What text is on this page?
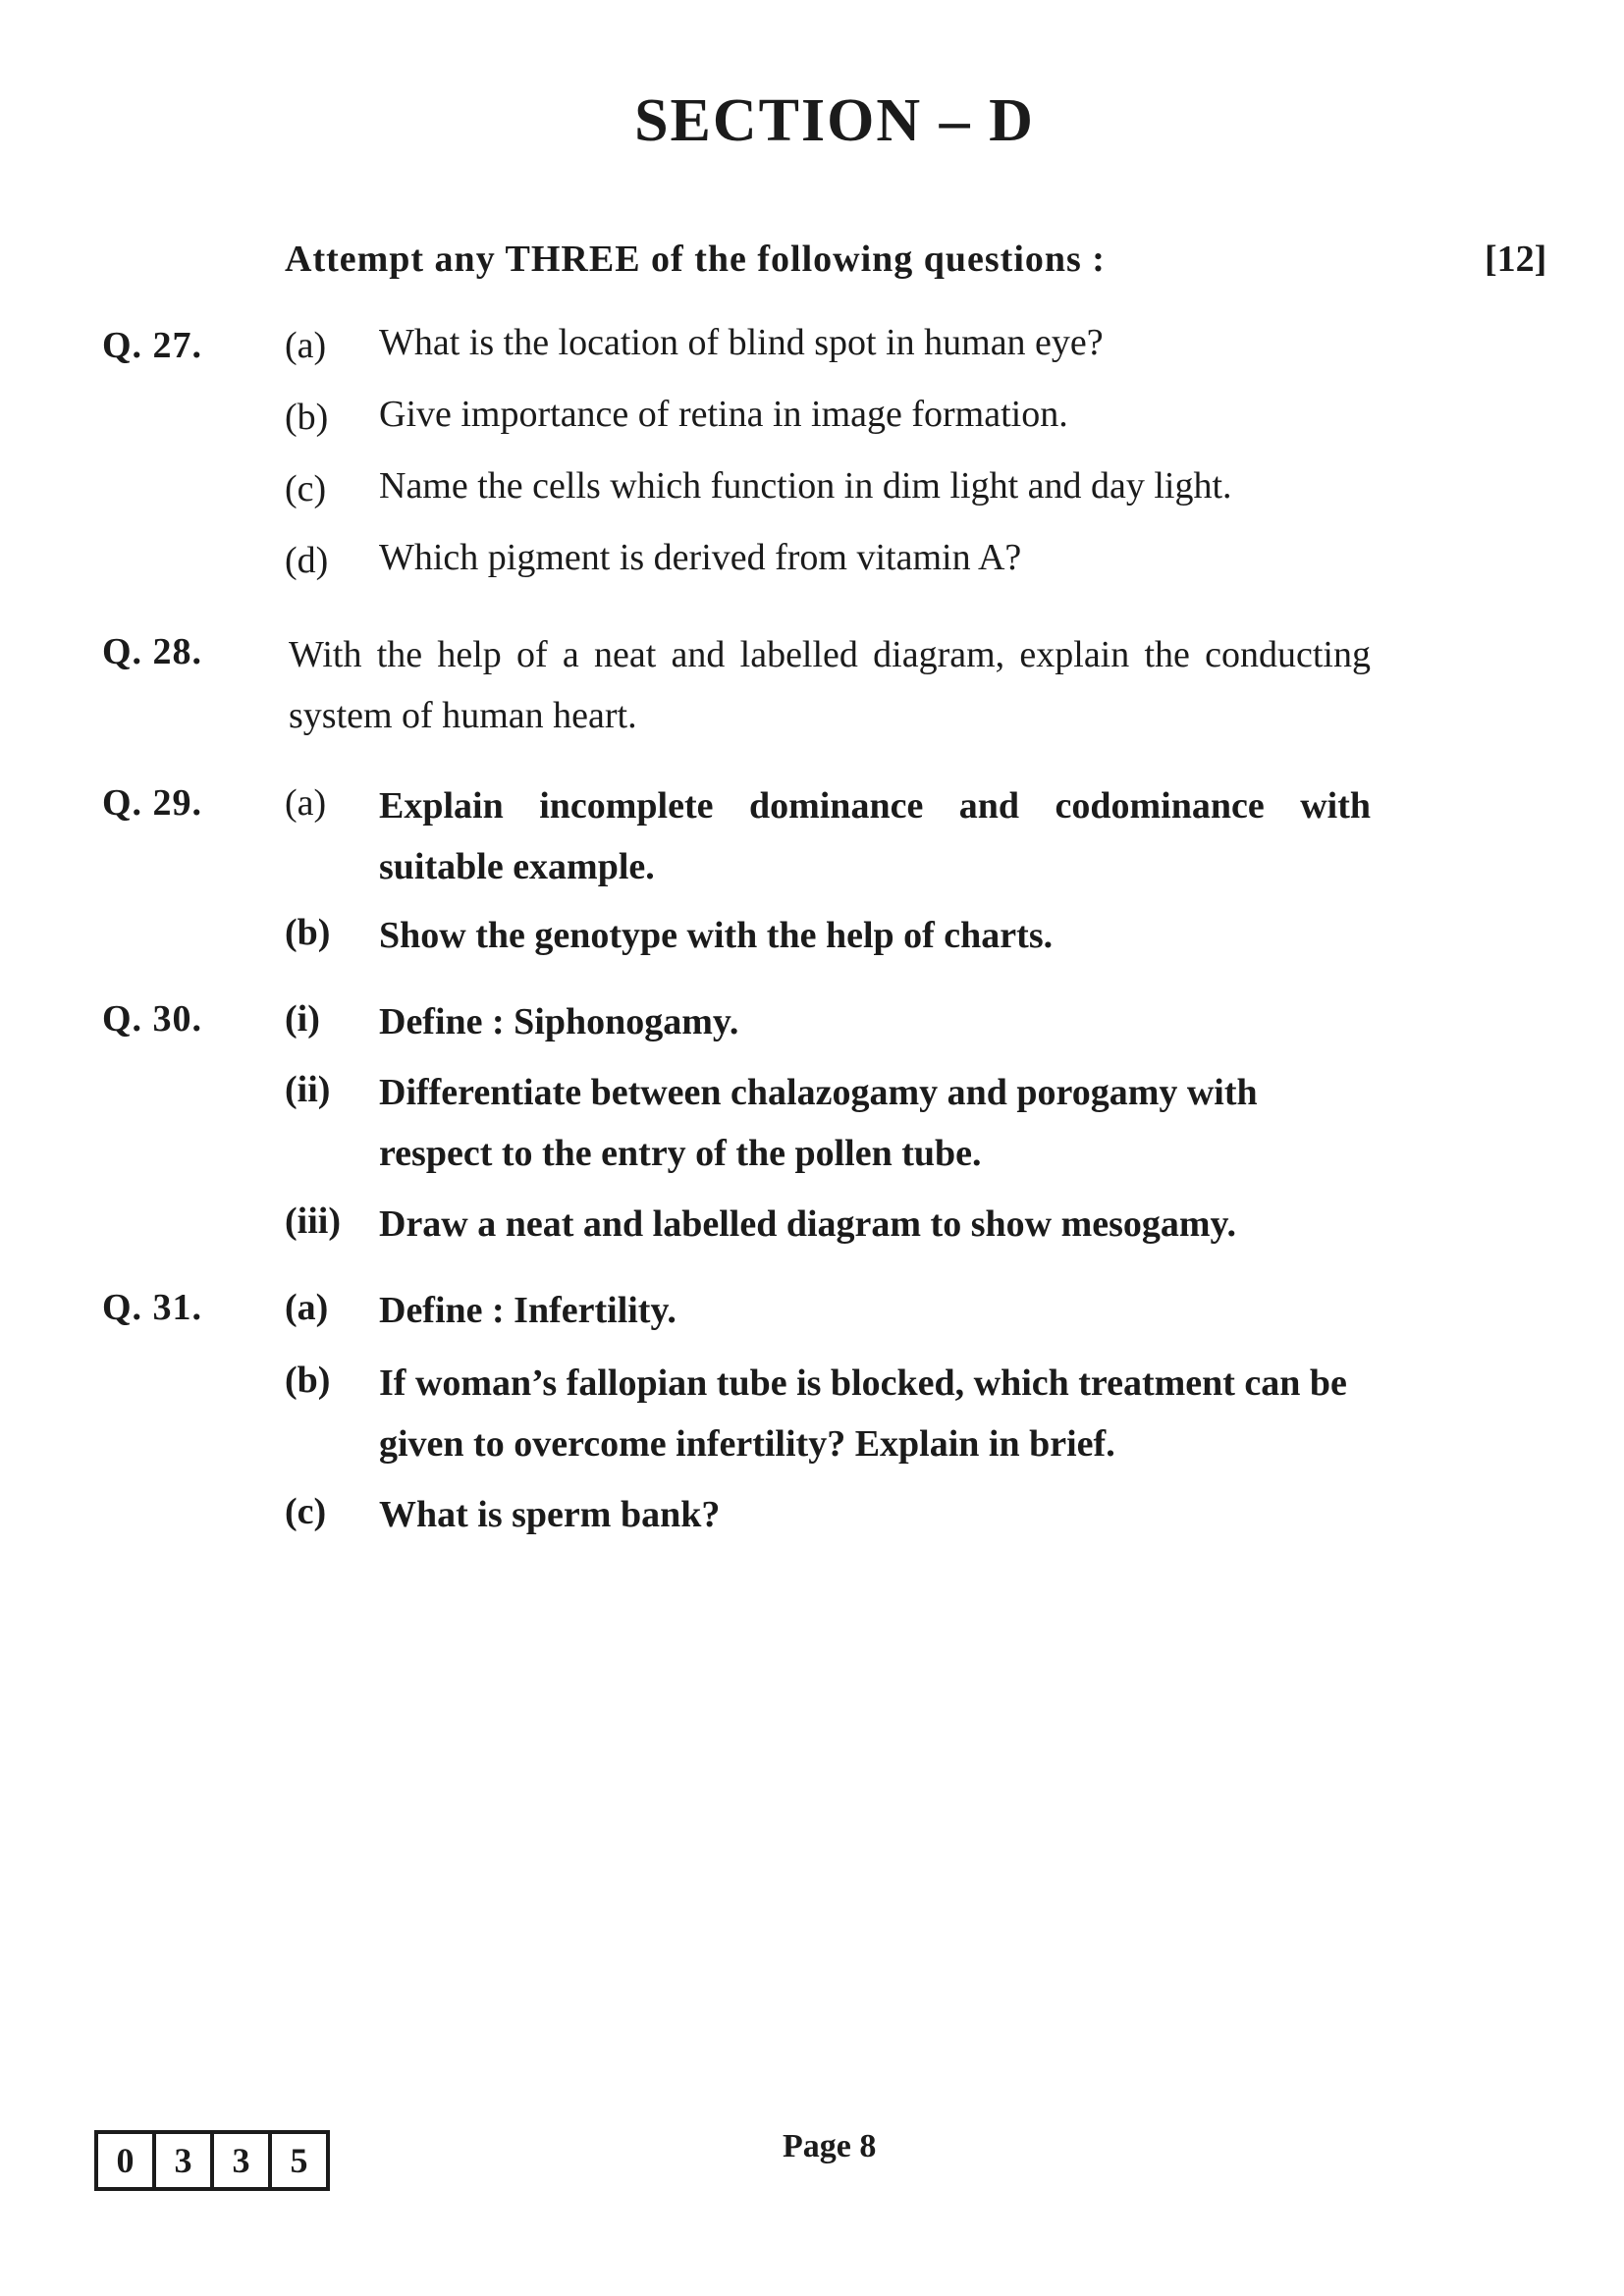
SECTION – D
Attempt any THREE of the following questions :	[12]
Q. 27. (a) What is the location of blind spot in human eye?
(b) Give importance of retina in image formation.
(c) Name the cells which function in dim light and day light.
(d) Which pigment is derived from vitamin A?
Q. 28. With the help of a neat and labelled diagram, explain the conducting system of human heart.
Q. 29. (a) Explain incomplete dominance and codominance with suitable example.
(b) Show the genotype with the help of charts.
Q. 30. (i) Define : Siphonogamy.
(ii) Differentiate between chalazogamy and porogamy with respect to the entry of the pollen tube.
(iii) Draw a neat and labelled diagram to show mesogamy.
Q. 31. (a) Define : Infertility.
(b) If woman’s fallopian tube is blocked, which treatment can be given to overcome infertility? Explain in brief.
(c) What is sperm bank?
0	3	3	5	Page 8
